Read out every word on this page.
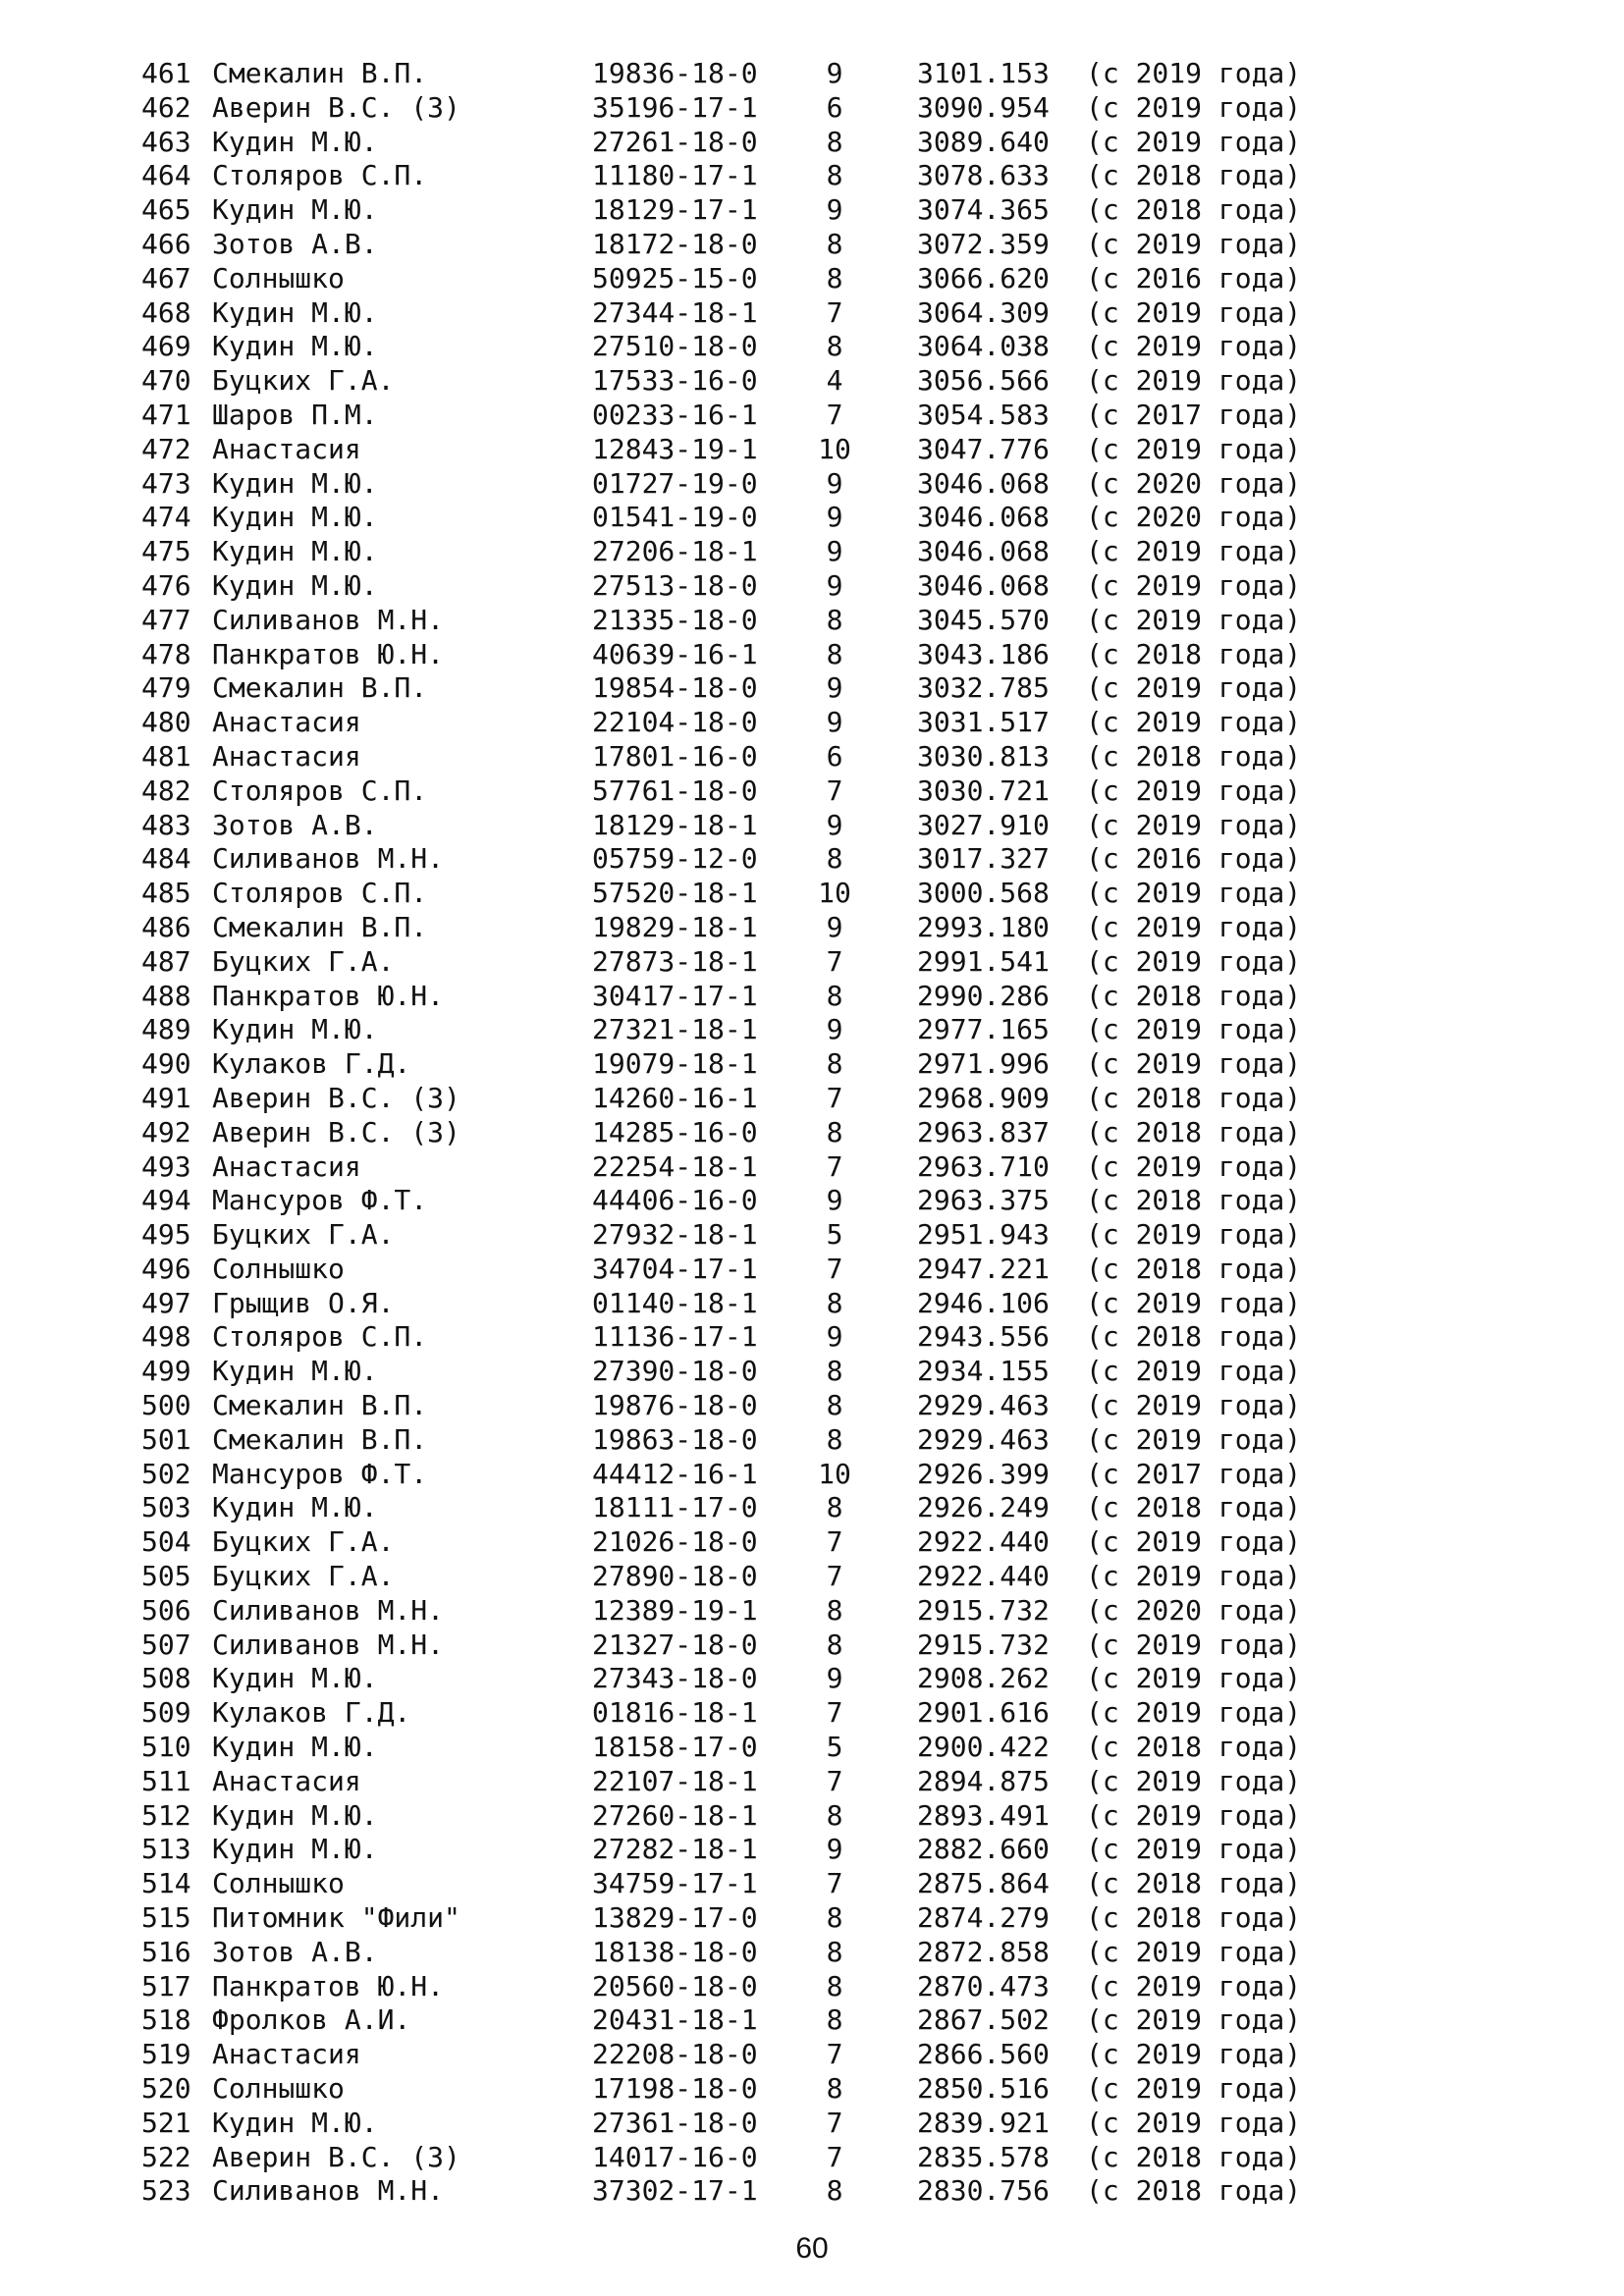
461 Смекалин В.П.	19836-18-0	9	3101.153 (с 2019 года)
462 Аверин В.С. (З)	35196-17-1	6	3090.954 (с 2019 года)
463 Кудин М.Ю.	27261-18-0	8	3089.640 (с 2019 года)
464 Столяров С.П.	11180-17-1	8	3078.633 (с 2018 года)
465 Кудин М.Ю.	18129-17-1	9	3074.365 (с 2018 года)
466 Зотов А.В.	18172-18-0	8	3072.359 (с 2019 года)
467 Солнышко	50925-15-0	8	3066.620 (с 2016 года)
468 Кудин М.Ю.	27344-18-1	7	3064.309 (с 2019 года)
469 Кудин М.Ю.	27510-18-0	8	3064.038 (с 2019 года)
470 Буцких Г.А.	17533-16-0	4	3056.566 (с 2019 года)
471 Шаров П.М.	00233-16-1	7	3054.583 (с 2017 года)
472 Анастасия	12843-19-1	10	3047.776 (с 2019 года)
473 Кудин М.Ю.	01727-19-0	9	3046.068 (с 2020 года)
474 Кудин М.Ю.	01541-19-0	9	3046.068 (с 2020 года)
475 Кудин М.Ю.	27206-18-1	9	3046.068 (с 2019 года)
476 Кудин М.Ю.	27513-18-0	9	3046.068 (с 2019 года)
477 Силиванов М.Н.	21335-18-0	8	3045.570 (с 2019 года)
478 Панкратов Ю.Н.	40639-16-1	8	3043.186 (с 2018 года)
479 Смекалин В.П.	19854-18-0	9	3032.785 (с 2019 года)
480 Анастасия	22104-18-0	9	3031.517 (с 2019 года)
481 Анастасия	17801-16-0	6	3030.813 (с 2018 года)
482 Столяров С.П.	57761-18-0	7	3030.721 (с 2019 года)
483 Зотов А.В.	18129-18-1	9	3027.910 (с 2019 года)
484 Силиванов М.Н.	05759-12-0	8	3017.327 (с 2016 года)
485 Столяров С.П.	57520-18-1	10	3000.568 (с 2019 года)
486 Смекалин В.П.	19829-18-1	9	2993.180 (с 2019 года)
487 Буцких Г.А.	27873-18-1	7	2991.541 (с 2019 года)
488 Панкратов Ю.Н.	30417-17-1	8	2990.286 (с 2018 года)
489 Кудин М.Ю.	27321-18-1	9	2977.165 (с 2019 года)
490 Кулаков Г.Д.	19079-18-1	8	2971.996 (с 2019 года)
491 Аверин В.С. (З)	14260-16-1	7	2968.909 (с 2018 года)
492 Аверин В.С. (З)	14285-16-0	8	2963.837 (с 2018 года)
493 Анастасия	22254-18-1	7	2963.710 (с 2019 года)
494 Мансуров Ф.Т.	44406-16-0	9	2963.375 (с 2018 года)
495 Буцких Г.А.	27932-18-1	5	2951.943 (с 2019 года)
496 Солнышко	34704-17-1	7	2947.221 (с 2018 года)
497 Грыщив О.Я.	01140-18-1	8	2946.106 (с 2019 года)
498 Столяров С.П.	11136-17-1	9	2943.556 (с 2018 года)
499 Кудин М.Ю.	27390-18-0	8	2934.155 (с 2019 года)
500 Смекалин В.П.	19876-18-0	8	2929.463 (с 2019 года)
501 Смекалин В.П.	19863-18-0	8	2929.463 (с 2019 года)
502 Мансуров Ф.Т.	44412-16-1	10	2926.399 (с 2017 года)
503 Кудин М.Ю.	18111-17-0	8	2926.249 (с 2018 года)
504 Буцких Г.А.	21026-18-0	7	2922.440 (с 2019 года)
505 Буцких Г.А.	27890-18-0	7	2922.440 (с 2019 года)
506 Силиванов М.Н.	12389-19-1	8	2915.732 (с 2020 года)
507 Силиванов М.Н.	21327-18-0	8	2915.732 (с 2019 года)
508 Кудин М.Ю.	27343-18-0	9	2908.262 (с 2019 года)
509 Кулаков Г.Д.	01816-18-1	7	2901.616 (с 2019 года)
510 Кудин М.Ю.	18158-17-0	5	2900.422 (с 2018 года)
511 Анастасия	22107-18-1	7	2894.875 (с 2019 года)
512 Кудин М.Ю.	27260-18-1	8	2893.491 (с 2019 года)
513 Кудин М.Ю.	27282-18-1	9	2882.660 (с 2019 года)
514 Солнышко	34759-17-1	7	2875.864 (с 2018 года)
515 Питомник "Фили"	13829-17-0	8	2874.279 (с 2018 года)
516 Зотов А.В.	18138-18-0	8	2872.858 (с 2019 года)
517 Панкратов Ю.Н.	20560-18-0	8	2870.473 (с 2019 года)
518 Фролков А.И.	20431-18-1	8	2867.502 (с 2019 года)
519 Анастасия	22208-18-0	7	2866.560 (с 2019 года)
520 Солнышко	17198-18-0	8	2850.516 (с 2019 года)
521 Кудин М.Ю.	27361-18-0	7	2839.921 (с 2019 года)
522 Аверин В.С. (З)	14017-16-0	7	2835.578 (с 2018 года)
523 Силиванов М.Н.	37302-17-1	8	2830.756 (с 2018 года)
60
